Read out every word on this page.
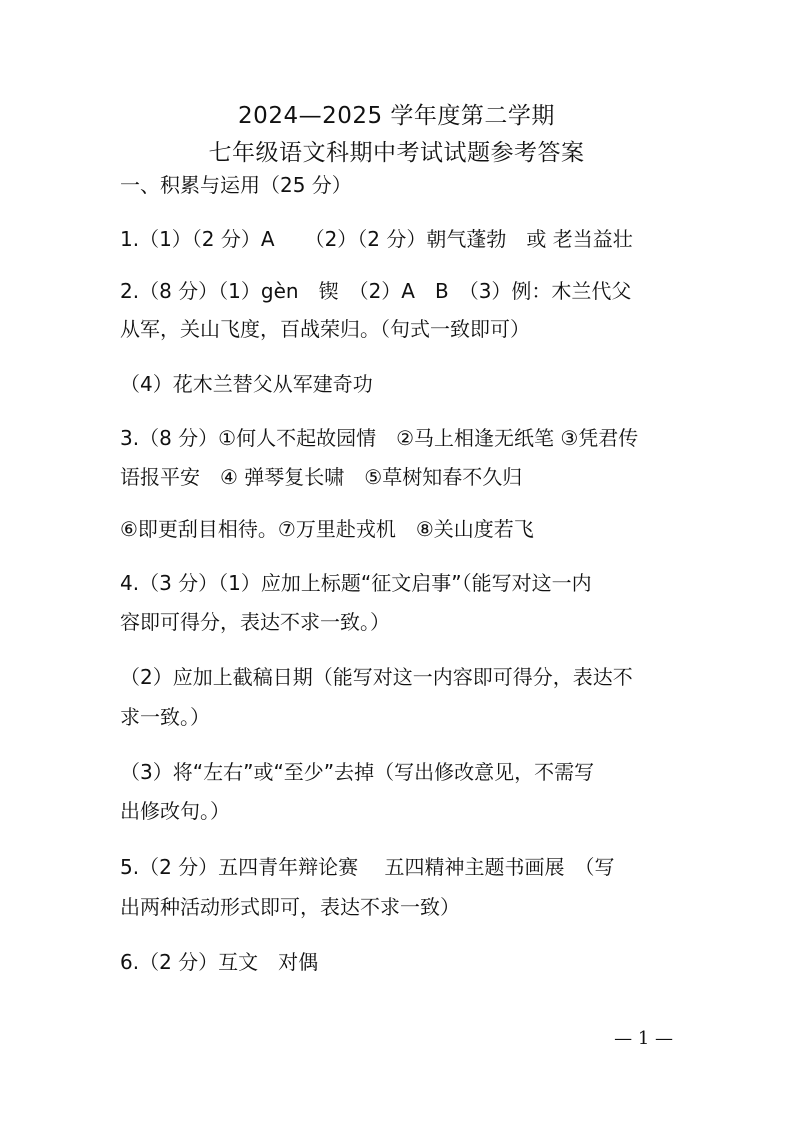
2024—2025 学年度第二学期
七年级语文科期中考试试题参考答案
一、积累与运用（25 分）
1.（1）（2 分）A　　（2）（2 分）朝气蓬勃　或 老当益壮
2.（8 分）（1）gèn　锲　（2）A　B　（3）例：木兰代父
从军，关山飞度，百战荣归。（句式一致即可）
（4）花木兰替父从军建奇功
3.（8 分）①何人不起故园情　②马上相逢无纸笔 ③凭君传
语报平安　④ 弹琴复长啸　⑤草树知春不久归
⑥即更刮目相待。⑦万里赴戎机　⑧关山度若飞
4.（3 分）（1）应加上标题“征文启事”（能写对这一内
容即可得分，表达不求一致。）
（2）应加上截稿日期（能写对这一内容即可得分，表达不
求一致。）
（3）将“左右”或“至少”去掉（写出修改意见，不需写
出修改句。）
5.（2 分）五四青年辩论赛　 五四精神主题书画展　（写
出两种活动形式即可，表达不求一致）
6.（2 分）互文　对偶
— 1 —
